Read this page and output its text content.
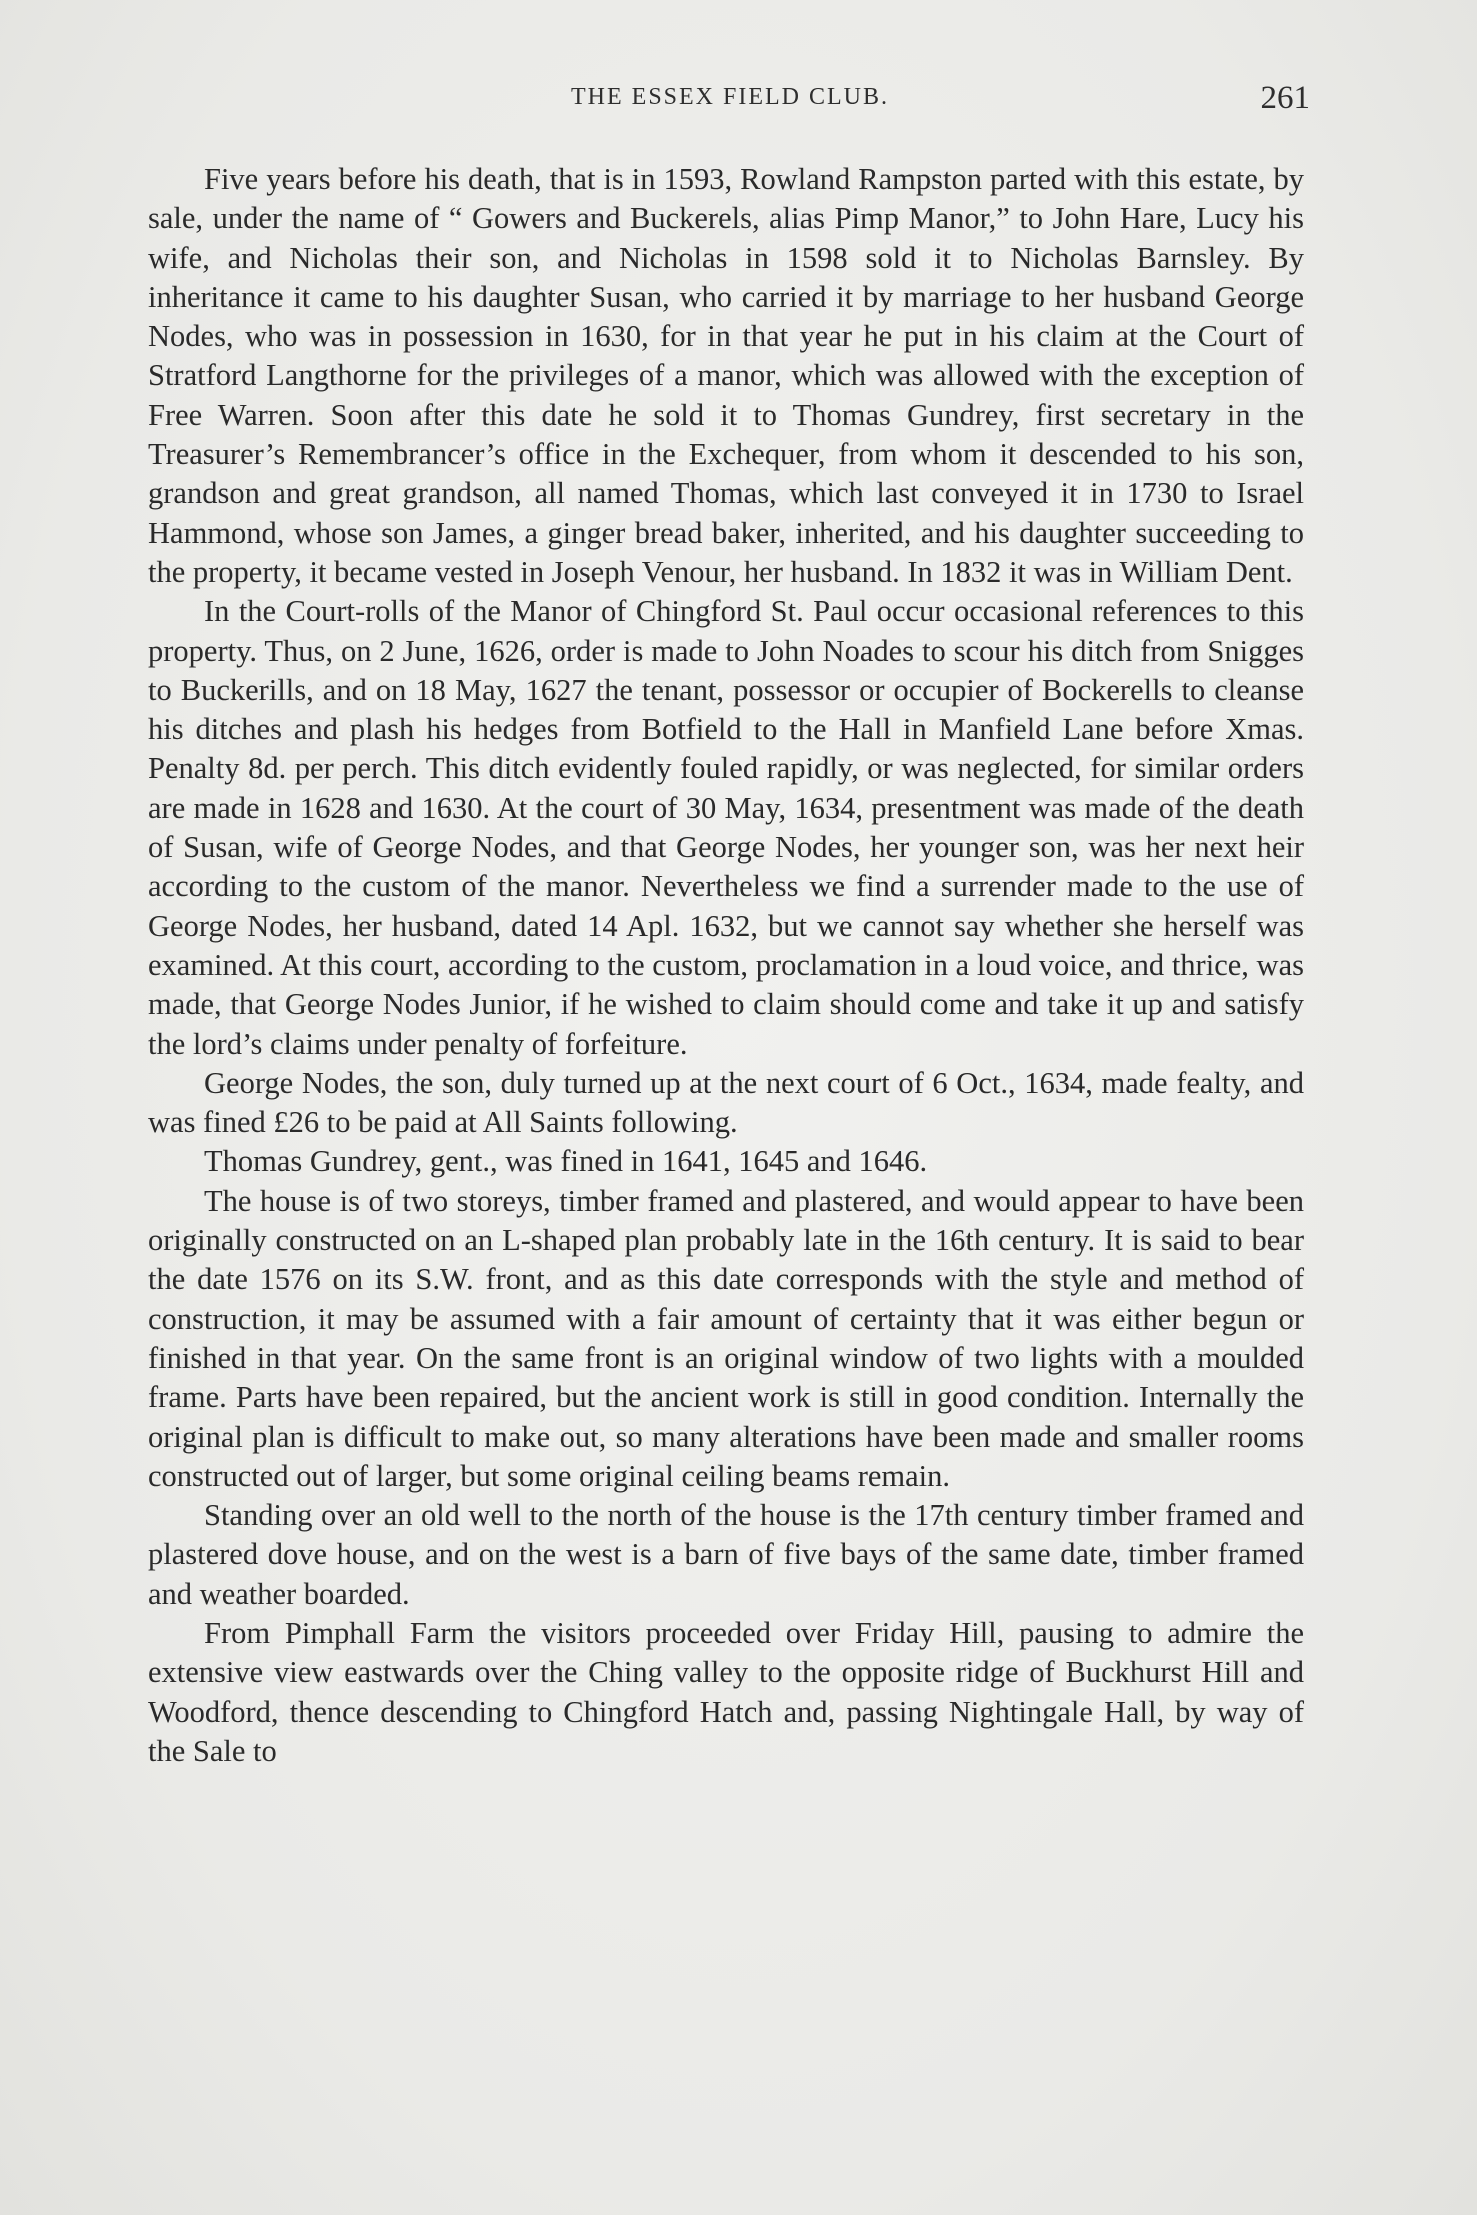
THE ESSEX FIELD CLUB.	261

Five years before his death, that is in 1593, Rowland Rampston parted with this estate, by sale, under the name of “ Gowers and Buckerels, alias Pimp Manor,” to John Hare, Lucy his wife, and Nicholas their son, and Nicholas in 1598 sold it to Nicholas Barnsley. By inheritance it came to his daughter Susan, who carried it by marriage to her husband George Nodes, who was in possession in 1630, for in that year he put in his claim at the Court of Stratford Langthorne for the privileges of a manor, which was allowed with the exception of Free Warren. Soon after this date he sold it to Thomas Gundrey, first secretary in the Treasurer’s Remembrancer’s office in the Exchequer, from whom it descended to his son, grandson and great grandson, all named Thomas, which last conveyed it in 1730 to Israel Hammond, whose son James, a ginger bread baker, inherited, and his daughter succeeding to the property, it became vested in Joseph Venour, her husband. In 1832 it was in William Dent.

In the Court-rolls of the Manor of Chingford St. Paul occur occasional references to this property. Thus, on 2 June, 1626, order is made to John Noades to scour his ditch from Sniggeѕ to Buckerills, and on 18 May, 1627 the tenant, possessor or occupier of Bockerells to cleanse his ditches and plash his hedges from Botfield to the Hall in Manfield Lane before Xmas. Penalty 8d. per perch. This ditch evidently fouled rapidly, or was neglected, for similar orders are made in 1628 and 1630. At the court of 30 May, 1634, presentment was made of the death of Susan, wife of George Nodes, and that George Nodes, her younger son, was her next heir according to the custom of the manor. Nevertheless we find a surrender made to the use of George Nodes, her husband, dated 14 Apl. 1632, but we cannot say whether she herself was examined. At this court, according to the custom, proclamation in a loud voice, and thrice, was made, that George Nodes Junior, if he wished to claim should come and take it up and satisfy the lord’s claims under penalty of forfeiture.

George Nodes, the son, duly turned up at the next court of 6 Oct., 1634, made fealty, and was fined £26 to be paid at All Saints following.

Thomas Gundrey, gent., was fined in 1641, 1645 and 1646.

The house is of two storeys, timber framed and plastered, and would appear to have been originally constructed on an L-shaped plan probably late in the 16th century. It is said to bear the date 1576 on its S.W. front, and as this date corresponds with the style and method of construction, it may be assumed with a fair amount of certainty that it was either begun or finished in that year. On the same front is an original window of two lights with a moulded frame. Parts have been repaired, but the ancient work is still in good condition. Internally the original plan is difficult to make out, so many alterations have been made and smaller rooms constructed out of larger, but some original ceiling beams remain.

Standing over an old well to the north of the house is the 17th century timber framed and plastered dove house, and on the west is a barn of five bays of the same date, timber framed and weather boarded.

From Pimphall Farm the visitors proceeded over Friday Hill, pausing to admire the extensive view eastwards over the Ching valley to the opposite ridge of Buckhurst Hill and Woodford, thence descending to Chingford Hatch and, passing Nightingale Hall, by way of the Sale to
